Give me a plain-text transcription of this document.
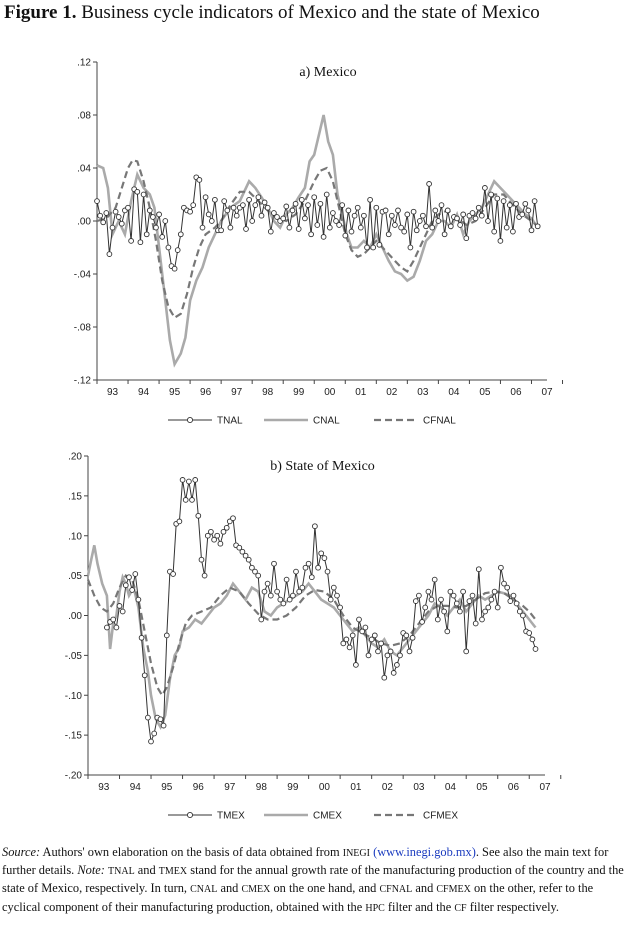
Figure 1. Business cycle indicators of Mexico and the state of Mexico
-.12
-.08
-.04
.00
.04
.08
.12
93 94 95 96 97 98 99 00 01 02 03 04 05 06 07
a) Mexico
TNAL	CNAL	CFNAL
-.20
-.15
-.10
-.05
.00
.05
.10
.15
.20
93 94 95 96 97 98 99 00 01 02 03 04 05 06 07
b) State of Mexico
TMEX	CMEX	CFMEX
Source: Authors' own elaboration on the basis of data obtained from INEGI (www.inegi.gob.mx). See also the main text for further details. Note: TNAL and TMEX stand for the annual growth rate of the manufacturing production of the country and the state of Mexico, respectively. In turn, CNAL and CMEX on the one hand, and CFNAL and CFMEX on the other, refer to the cyclical component of their manufacturing production, obtained with the HPC filter and the CF filter respectively.
